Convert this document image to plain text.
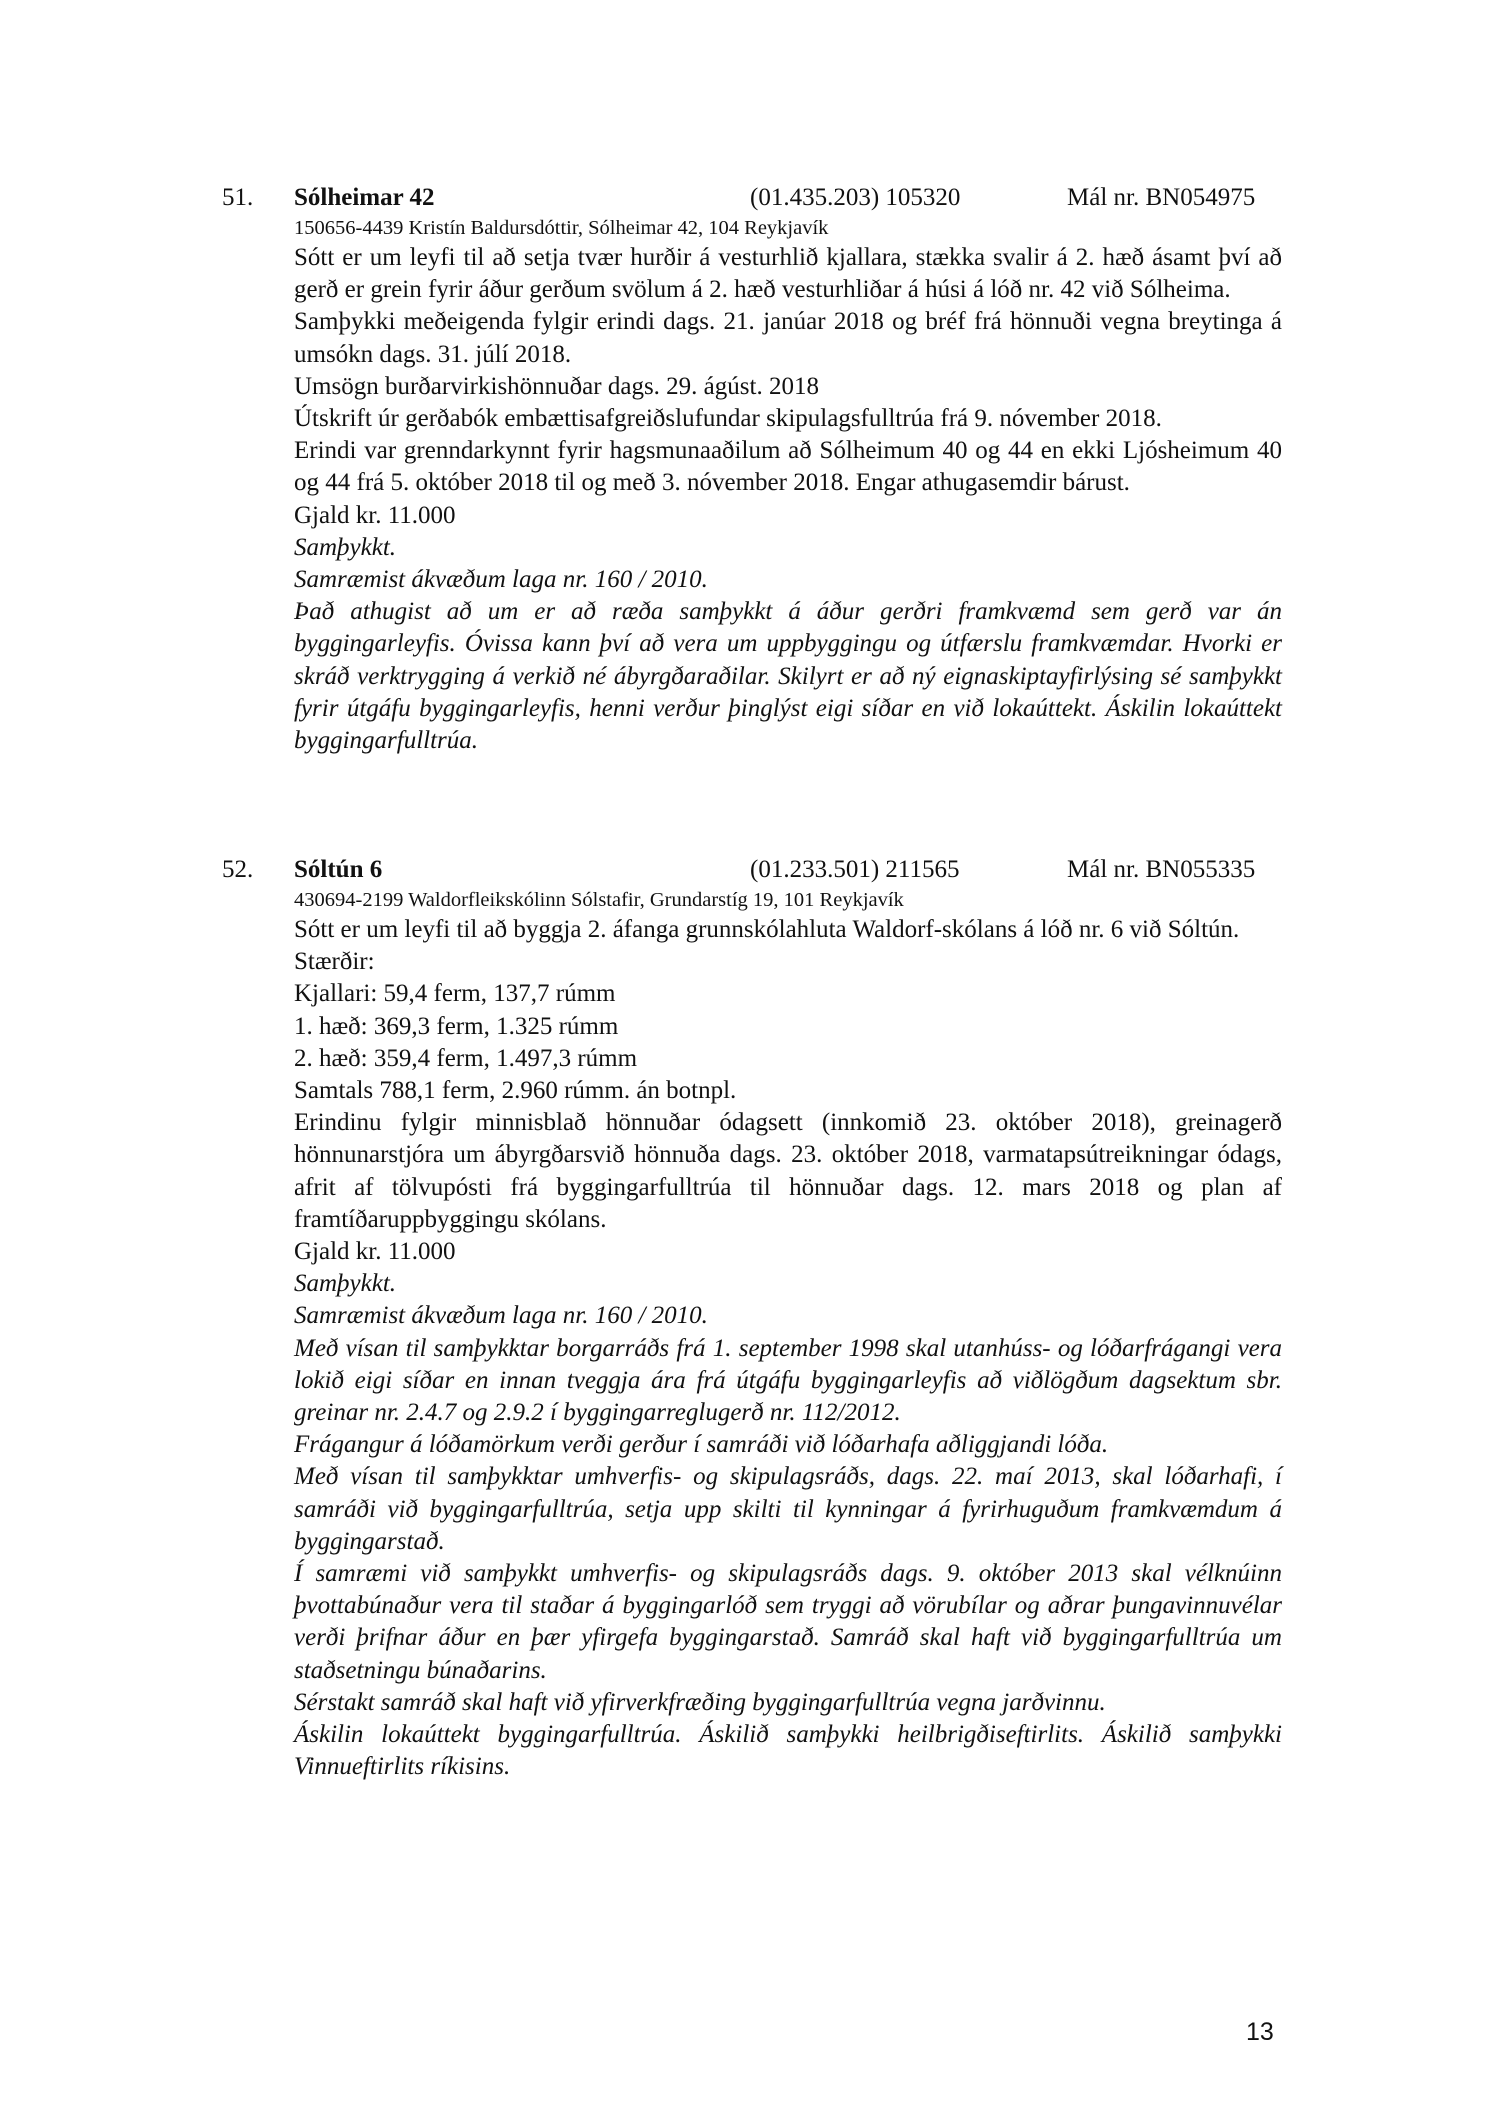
51. Sólheimar 42	(01.435.203) 105320	Mál nr. BN054975
150656-4439 Kristín Baldursdóttir, Sólheimar 42, 104 Reykjavík

Sótt er um leyfi til að setja tvær hurðir á vesturhlið kjallara, stækka svalir á 2. hæð ásamt því að gerð er grein fyrir áður gerðum svölum á 2. hæð vesturhliðar á húsi á lóð nr. 42 við Sólheima.

Samþykki meðeigenda fylgir erindi dags. 21. janúar 2018 og bréf frá hönnuði vegna breytinga á umsókn dags. 31. júlí 2018.

Umsögn burðarvirkishönnuðar dags. 29. ágúst. 2018

Útskrift úr gerðabók embættisafgreiðslufundar skipulagsfulltrúa frá 9. nóvember 2018.

Erindi var grenndarkynnt fyrir hagsmunaaðilum að Sólheimum 40 og 44 en ekki Ljósheimum 40 og 44 frá 5. október 2018 til og með 3. nóvember 2018. Engar athugasemdir bárust.

Gjald kr. 11.000

Samþykkt.

Samræmist ákvæðum laga nr. 160 / 2010.

Það athugist að um er að ræða samþykkt á áður gerðri framkvæmd sem gerð var án byggingarleyfis. Óvissa kann því að vera um uppbyggingu og útfærslu framkvæmdar. Hvorki er skráð verktrygging á verkið né ábyrgðaraðilar. Skilyrt er að ný eignaskiptayfirlýsing sé samþykkt fyrir útgáfu byggingarleyfis, henni verður þinglýst eigi síðar en við lokaúttekt. Áskilin lokaúttekt byggingarfulltrúa.

52. Sóltún 6	(01.233.501) 211565	Mál nr. BN055335
430694-2199 Waldorfleikskólinn Sólstafir, Grundarstíg 19, 101 Reykjavík

Sótt er um leyfi til að byggja 2. áfanga grunnskólahluta Waldorf-skólans á lóð nr. 6 við Sóltún.

Stærðir:

Kjallari: 59,4 ferm, 137,7 rúmm

1. hæð: 369,3 ferm, 1.325 rúmm

2. hæð: 359,4 ferm, 1.497,3 rúmm

Samtals 788,1 ferm, 2.960 rúmm. án botnpl.

Erindinu fylgir minnisblað hönnuðar ódagsett (innkomið 23. október 2018), greinagerð hönnunarstjóra um ábyrgðarsvið hönnuða dags. 23. október 2018, varmatapsútreikningar ódags, afrit af tölvupósti frá byggingarfulltrúa til hönnuðar dags. 12. mars 2018 og plan af framtíðaruppbyggingu skólans.

Gjald kr. 11.000

Samþykkt.

Samræmist ákvæðum laga nr. 160 / 2010.

Með vísan til samþykktar borgarráðs frá 1. september 1998 skal utanhúss- og lóðarfrágangi vera lokið eigi síðar en innan tveggja ára frá útgáfu byggingarleyfis að viðlögðum dagsektum sbr. greinar nr. 2.4.7 og 2.9.2 í byggingarreglugerð nr. 112/2012.

Frágangur á lóðamörkum verði gerður í samráði við lóðarhafa aðliggjandi lóða.

Með vísan til samþykktar umhverfis- og skipulagsráðs, dags. 22. maí 2013, skal lóðarhafi, í samráði við byggingarfulltrúa, setja upp skilti til kynningar á fyrirhuguðum framkvæmdum á byggingarstað.

Í samræmi við samþykkt umhverfis- og skipulagsráðs dags. 9. október 2013 skal vélknúinn þvottabúnaður vera til staðar á byggingarlóð sem tryggi að vörubílar og aðrar þungavinnuvélar verði þrifnar áður en þær yfirgefa byggingarstað. Samráð skal haft við byggingarfulltrúa um staðsetningu búnaðarins.

Sérstakt samráð skal haft við yfirverkfræðing byggingarfulltrúa vegna jarðvinnu.

Áskilin lokaúttekt byggingarfulltrúa. Áskilið samþykki heilbrigðiseftirlits. Áskilið samþykki Vinnueftirlits ríkisins.

13
